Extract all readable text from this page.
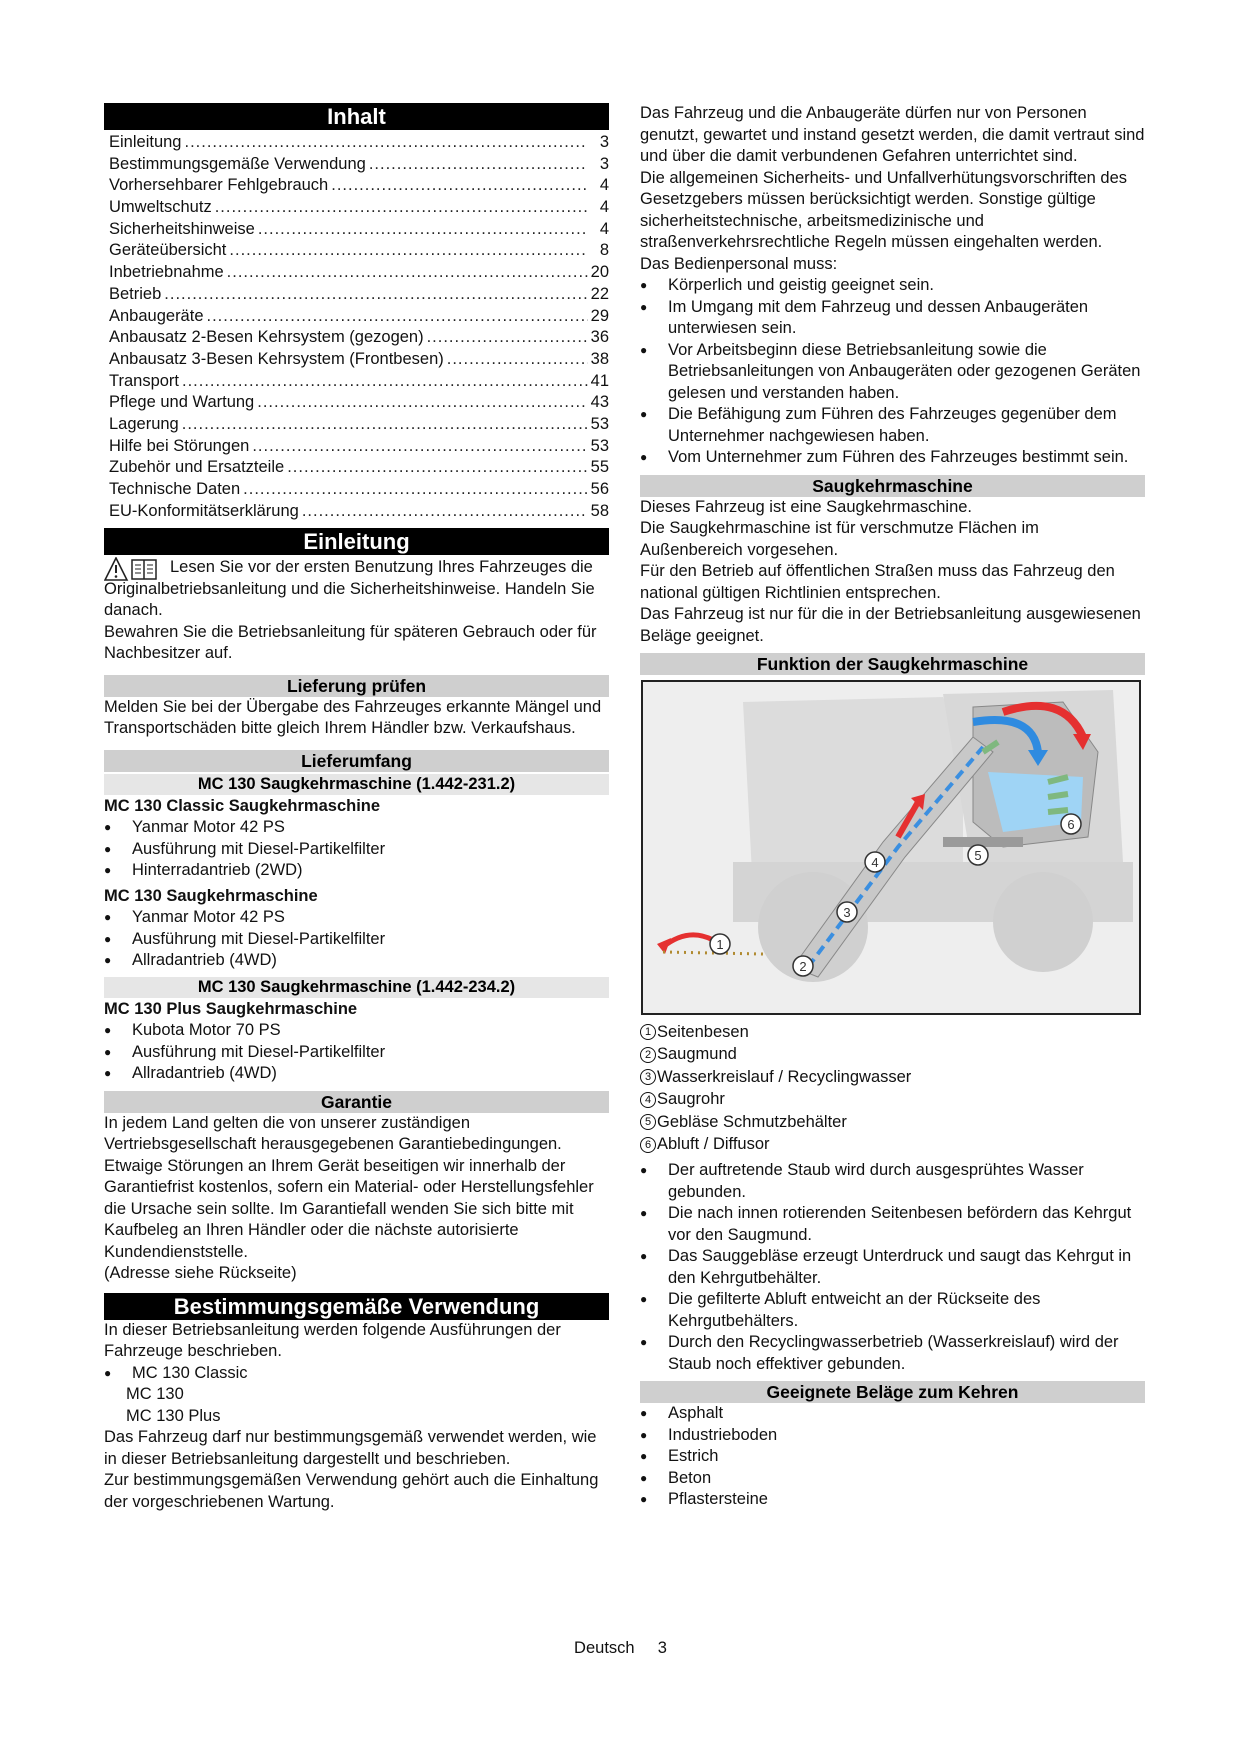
Inhalt
Einleitung .....	3
Bestimmungsgemäße Verwendung .....	3
Vorhersehbarer Fehlgebrauch .....	4
Umweltschutz .....	4
Sicherheitshinweise .....	4
Geräteübersicht .....	8
Inbetriebnahme .....	20
Betrieb .....	22
Anbaugeräte .....	29
Anbausatz 2-Besen Kehrsystem (gezogen) .....	36
Anbausatz 3-Besen Kehrsystem (Frontbesen) .....	38
Transport .....	41
Pflege und Wartung .....	43
Lagerung .....	53
Hilfe bei Störungen .....	53
Zubehör und Ersatzteile .....	55
Technische Daten .....	56
EU-Konformitätserklärung .....	58
Einleitung

Lesen Sie vor der ersten Benutzung Ihres Fahrzeuges die Originalbetriebsanleitung und die Sicherheitshinweise. Handeln Sie danach.

Bewahren Sie die Betriebsanleitung für späteren Gebrauch oder für Nachbesitzer auf.

Lieferung prüfen

Melden Sie bei der Übergabe des Fahrzeuges erkannte Mängel und Transportschäden bitte gleich Ihrem Händler bzw. Verkaufshaus.

Lieferumfang
MC 130 Saugkehrmaschine (1.442-231.2)

MC 130 Classic Saugkehrmaschine

● Yanmar Motor 42 PS
● Ausführung mit Diesel-Partikelfilter
● Hinterradantrieb (2WD)

MC 130 Saugkehrmaschine

● Yanmar Motor 42 PS
● Ausführung mit Diesel-Partikelfilter
● Allradantrieb (4WD)
MC 130 Saugkehrmaschine (1.442-234.2)

MC 130 Plus Saugkehrmaschine

● Kubota Motor 70 PS
● Ausführung mit Diesel-Partikelfilter
● Allradantrieb (4WD)
Garantie

In jedem Land gelten die von unserer zuständigen Vertriebsgesellschaft herausgegebenen Garantiebedingungen. Etwaige Störungen an Ihrem Gerät beseitigen wir innerhalb der Garantiefrist kostenlos, sofern ein Material- oder Herstellungsfehler die Ursache sein sollte. Im Garantiefall wenden Sie sich bitte mit Kaufbeleg an Ihren Händler oder die nächste autorisierte Kundendienststelle.

(Adresse siehe Rückseite)

Bestimmungsgemäße Verwendung

In dieser Betriebsanleitung werden folgende Ausführungen der Fahrzeuge beschrieben.

● MC 130 Classic

MC 130

MC 130 Plus

Das Fahrzeug darf nur bestimmungsgemäß verwendet werden, wie in dieser Betriebsanleitung dargestellt und beschrieben.

Zur bestimmungsgemäßen Verwendung gehört auch die Einhaltung der vorgeschriebenen Wartung.

Das Fahrzeug und die Anbaugeräte dürfen nur von Personen genutzt, gewartet und instand gesetzt werden, die damit vertraut sind und über die damit verbundenen Gefahren unterrichtet sind.

Die allgemeinen Sicherheits- und Unfallverhütungsvorschriften des Gesetzgebers müssen berücksichtigt werden. Sonstige gültige sicherheitstechnische, arbeitsmedizinische und straßenverkehrsrechtliche Regeln müssen eingehalten werden.

Das Bedienpersonal muss:

● Körperlich und geistig geeignet sein.
● Im Umgang mit dem Fahrzeug und dessen Anbaugeräten unterwiesen sein.
● Vor Arbeitsbeginn diese Betriebsanleitung sowie die Betriebsanleitungen von Anbaugeräten oder gezogenen Geräten gelesen und verstanden haben.
● Die Befähigung zum Führen des Fahrzeuges gegenüber dem Unternehmer nachgewiesen haben.
● Vom Unternehmer zum Führen des Fahrzeuges bestimmt sein.
Saugkehrmaschine

Dieses Fahrzeug ist eine Saugkehrmaschine.

Die Saugkehrmaschine ist für verschmutze Flächen im Außenbereich vorgesehen.

Für den Betrieb auf öffentlichen Straßen muss das Fahrzeug den national gültigen Richtlinien entsprechen.

Das Fahrzeug ist nur für die in der Betriebsanleitung ausgewiesenen Beläge geeignet.

Funktion der Saugkehrmaschine
1
2
3
4	5
6
1 Seitenbesen
2 Saugmund
3 Wasserkreislauf / Recyclingwasser
4 Saugrohr
5 Gebläse Schmutzbehälter
6 Abluft / Diffusor
● Der auftretende Staub wird durch ausgesprühtes Wasser gebunden.
● Die nach innen rotierenden Seitenbesen befördern das Kehrgut vor den Saugmund.
● Das Sauggebläse erzeugt Unterdruck und saugt das Kehrgut in den Kehrgutbehälter.
● Die gefilterte Abluft entweicht an der Rückseite des Kehrgutbehälters.
● Durch den Recyclingwasserbetrieb (Wasserkreislauf) wird der Staub noch effektiver gebunden.
Geeignete Beläge zum Kehren
● Asphalt
● Industrieboden
● Estrich
● Beton
● Pflastersteine
Deutsch 3
